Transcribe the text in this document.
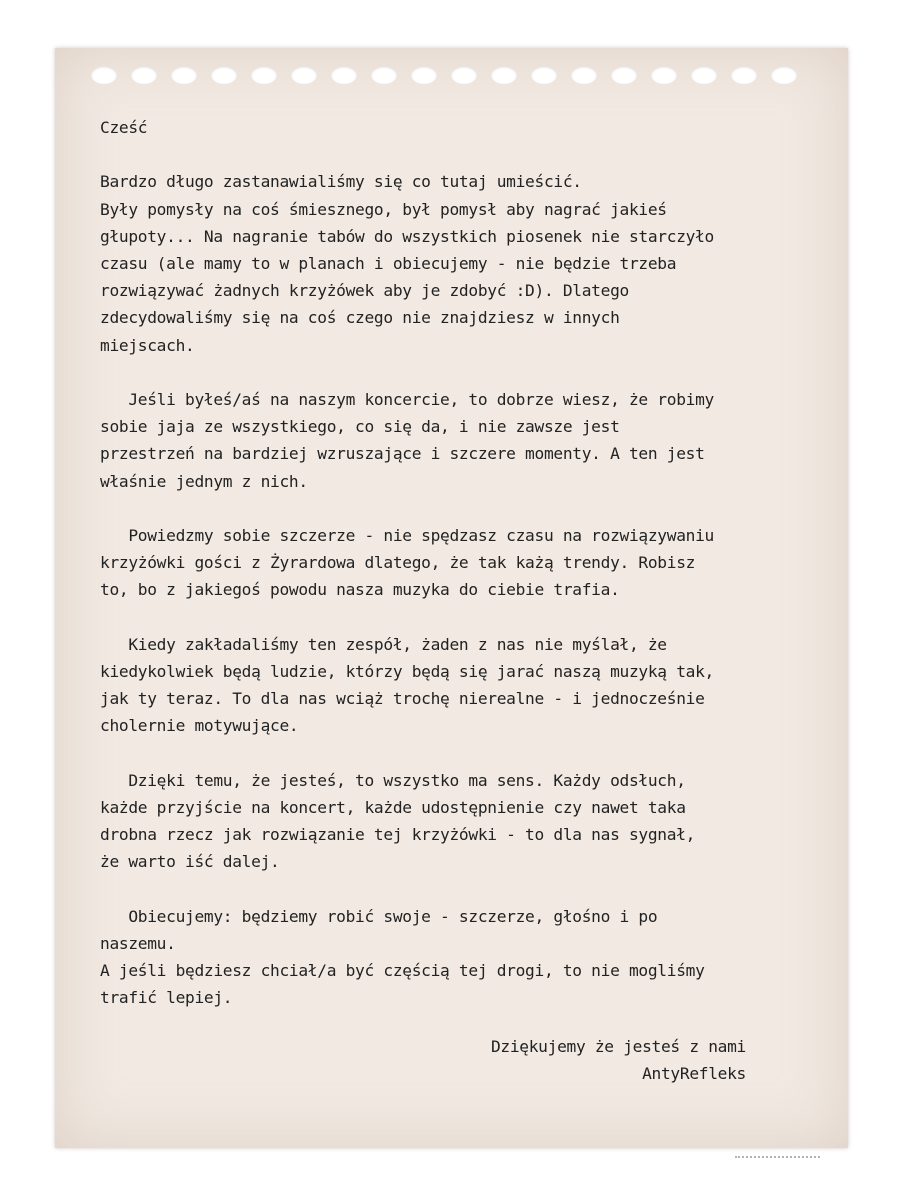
Cześć
Bardzo długo zastanawialiśmy się co tutaj umieścić.
Były pomysły na coś śmiesznego, był pomysł aby nagrać jakieś
głupoty... Na nagranie tabów do wszystkich piosenek nie starczyło
czasu (ale mamy to w planach i obiecujemy - nie będzie trzeba
rozwiązywać żadnych krzyżówek aby je zdobyć :D). Dlatego
zdecydowaliśmy się na coś czego nie znajdziesz w innych
miejscach.
Jeśli byłeś/aś na naszym koncercie, to dobrze wiesz, że robimy
sobie jaja ze wszystkiego, co się da, i nie zawsze jest
przestrzeń na bardziej wzruszające i szczere momenty. A ten jest
właśnie jednym z nich.
Powiedzmy sobie szczerze - nie spędzasz czasu na rozwiązywaniu
krzyżówki gości z Żyrardowa dlatego, że tak każą trendy. Robisz
to, bo z jakiegoś powodu nasza muzyka do ciebie trafia.
Kiedy zakładaliśmy ten zespół, żaden z nas nie myślał, że
kiedykolwiek będą ludzie, którzy będą się jarać naszą muzyką tak,
jak ty teraz. To dla nas wciąż trochę nierealne - i jednocześnie
cholernie motywujące.
Dzięki temu, że jesteś, to wszystko ma sens. Każdy odsłuch,
każde przyjście na koncert, każde udostępnienie czy nawet taka
drobna rzecz jak rozwiązanie tej krzyżówki - to dla nas sygnał,
że warto iść dalej.
Obiecujemy: będziemy robić swoje - szczerze, głośno i po
naszemu.
A jeśli będziesz chciał/a być częścią tej drogi, to nie mogliśmy
trafić lepiej.
Dziękujemy że jesteś z nami
AntyRefleks
